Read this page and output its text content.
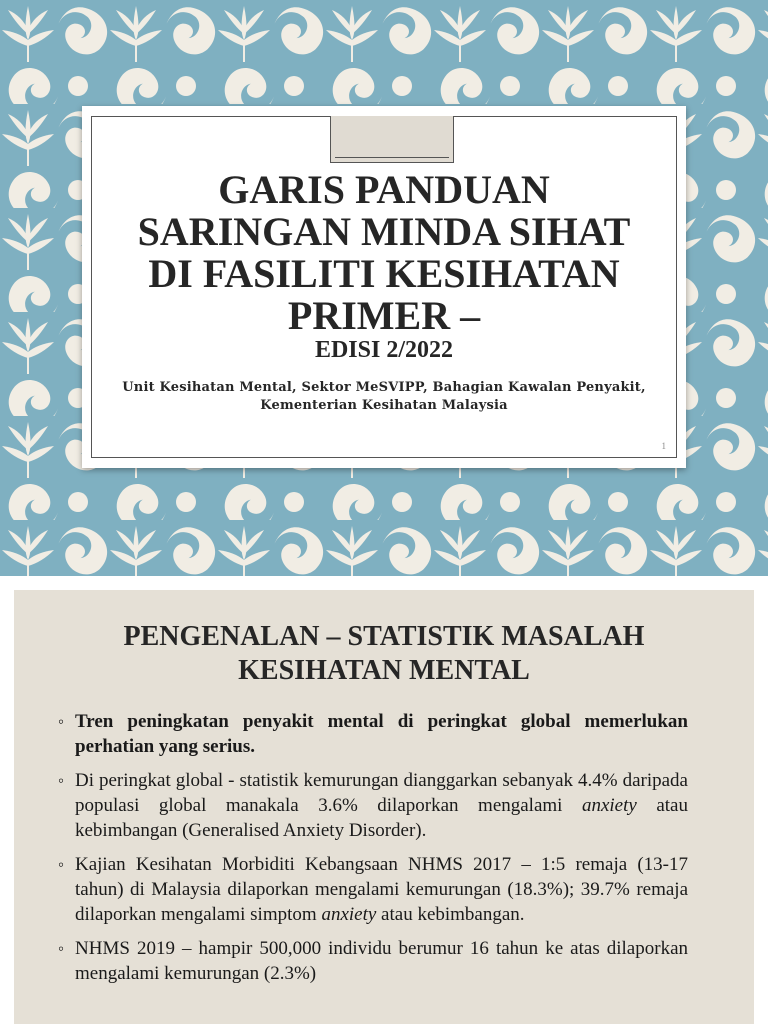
GARIS PANDUAN
SARINGAN MINDA SIHAT
DI FASILITI KESIHATAN
PRIMER –
EDISI 2/2022
Unit Kesihatan Mental, Sektor MeSVIPP, Bahagian Kawalan Penyakit,
Kementerian Kesihatan Malaysia
1
PENGENALAN – STATISTIK MASALAH
KESIHATAN MENTAL
◦ Tren peningkatan penyakit mental di peringkat global memerlukan perhatian yang serius.
◦ Di peringkat global - statistik kemurungan dianggarkan sebanyak 4.4% daripada populasi global manakala 3.6% dilaporkan mengalami anxiety atau kebimbangan (Generalised Anxiety Disorder).
◦ Kajian Kesihatan Morbiditi Kebangsaan NHMS 2017 – 1:5 remaja (13-17 tahun) di Malaysia dilaporkan mengalami kemurungan (18.3%); 39.7% remaja dilaporkan mengalami simptom anxiety atau kebimbangan.
◦ NHMS 2019 – hampir 500,000 individu berumur 16 tahun ke atas dilaporkan mengalami kemurungan (2.3%)
